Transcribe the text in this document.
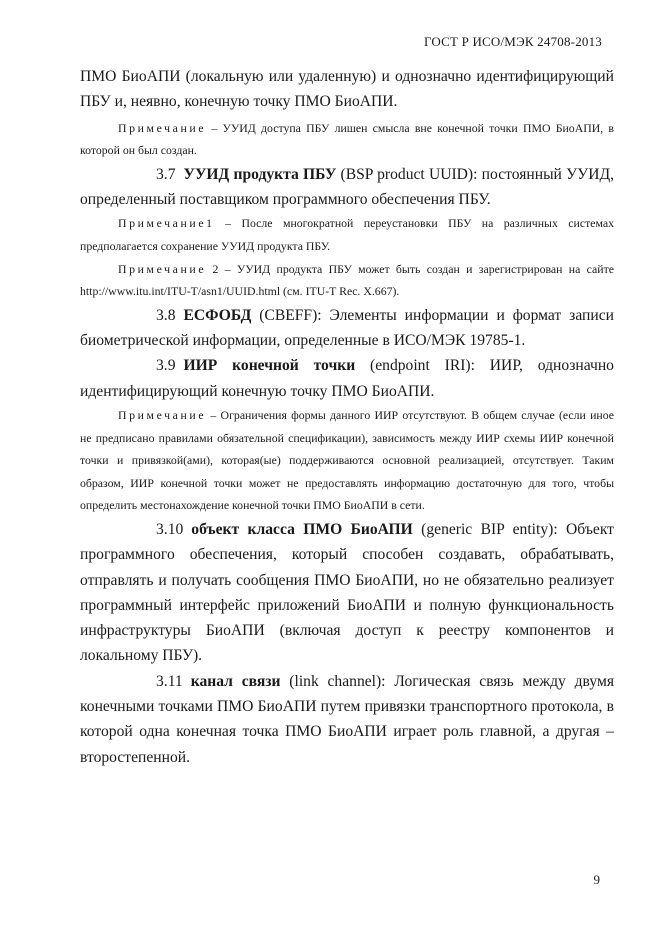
ГОСТ Р ИСО/МЭК 24708-2013

ПМО БиоАПИ (локальную или удаленную) и однозначно идентифицирующий ПБУ и, неявно, конечную точку ПМО БиоАПИ.

Примечание – УУИД доступа ПБУ лишен смысла вне конечной точки ПМО БиоАПИ, в которой он был создан.

3.7 УУИД продукта ПБУ (BSP product UUID): постоянный УУИД, определенный поставщиком программного обеспечения ПБУ.

Примечание1 – После многократной переустановки ПБУ на различных системах предполагается сохранение УУИД продукта ПБУ.

Примечание 2 – УУИД продукта ПБУ может быть создан и зарегистрирован на сайте http://www.itu.int/ITU-T/asn1/UUID.html (см. ITU-T Rec. X.667).

3.8 ЕСФОБД (CBEFF): Элементы информации и формат записи биометрической информации, определенные в ИСО/МЭК 19785-1.

3.9 ИИР конечной точки (endpoint IRI): ИИР, однозначно идентифицирующий конечную точку ПМО БиоАПИ.

Примечание – Ограничения формы данного ИИР отсутствуют. В общем случае (если иное не предписано правилами обязательной спецификации), зависимость между ИИР схемы ИИР конечной точки и привязкой(ами), которая(ые) поддерживаются основной реализацией, отсутствует. Таким образом, ИИР конечной точки может не предоставлять информацию достаточную для того, чтобы определить местонахождение конечной точки ПМО БиоАПИ в сети.

3.10 объект класса ПМО БиоАПИ (generic BIP entity): Объект программного обеспечения, который способен создавать, обрабатывать, отправлять и получать сообщения ПМО БиоАПИ, но не обязательно реализует программный интерфейс приложений БиоАПИ и полную функциональность инфраструктуры БиоАПИ (включая доступ к реестру компонентов и локальному ПБУ).

3.11 канал связи (link channel): Логическая связь между двумя конечными точками ПМО БиоАПИ путем привязки транспортного протокола, в которой одна конечная точка ПМО БиоАПИ играет роль главной, а другая – второстепенной.

9
